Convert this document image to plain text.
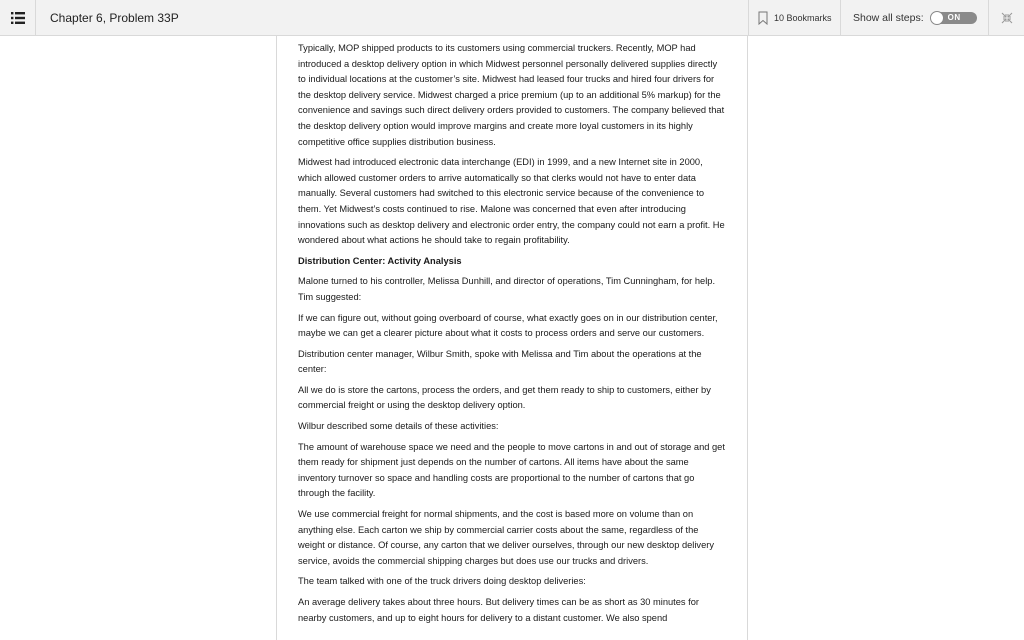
Chapter 6, Problem 33P	10 Bookmarks Show all steps:	ON

Typically, MOP shipped products to its customers using commercial truckers. Recently, MOP had introduced a desktop delivery option in which Midwest personnel personally delivered supplies directly to individual locations at the customer’s site. Midwest had leased four trucks and hired four drivers for the desktop delivery service. Midwest charged a price premium (up to an additional 5% markup) for the convenience and savings such direct delivery orders provided to customers. The company believed that the desktop delivery option would improve margins and create more loyal customers in its highly competitive office supplies distribution business.

Midwest had introduced electronic data interchange (EDI) in 1999, and a new Internet site in 2000, which allowed customer orders to arrive automatically so that clerks would not have to enter data manually. Several customers had switched to this electronic service because of the convenience to them. Yet Midwest’s costs continued to rise. Malone was concerned that even after introducing innovations such as desktop delivery and electronic order entry, the company could not earn a profit. He wondered about what actions he should take to regain profitability.

Distribution Center: Activity Analysis

Malone turned to his controller, Melissa Dunhill, and director of operations, Tim Cunningham, for help. Tim suggested:

If we can figure out, without going overboard of course, what exactly goes on in our distribution center, maybe we can get a clearer picture about what it costs to process orders and serve our customers.

Distribution center manager, Wilbur Smith, spoke with Melissa and Tim about the operations at the center:

All we do is store the cartons, process the orders, and get them ready to ship to customers, either by commercial freight or using the desktop delivery option.

Wilbur described some details of these activities:

The amount of warehouse space we need and the people to move cartons in and out of storage and get them ready for shipment just depends on the number of cartons. All items have about the same inventory turnover so space and handling costs are proportional to the number of cartons that go through the facility.

We use commercial freight for normal shipments, and the cost is based more on volume than on anything else. Each carton we ship by commercial carrier costs about the same, regardless of the weight or distance. Of course, any carton that we deliver ourselves, through our new desktop delivery service, avoids the commercial shipping charges but does use our trucks and drivers.

The team talked with one of the truck drivers doing desktop deliveries:

An average delivery takes about three hours. But delivery times can be as short as 30 minutes for nearby customers, and up to eight hours for delivery to a distant customer. We also spend
